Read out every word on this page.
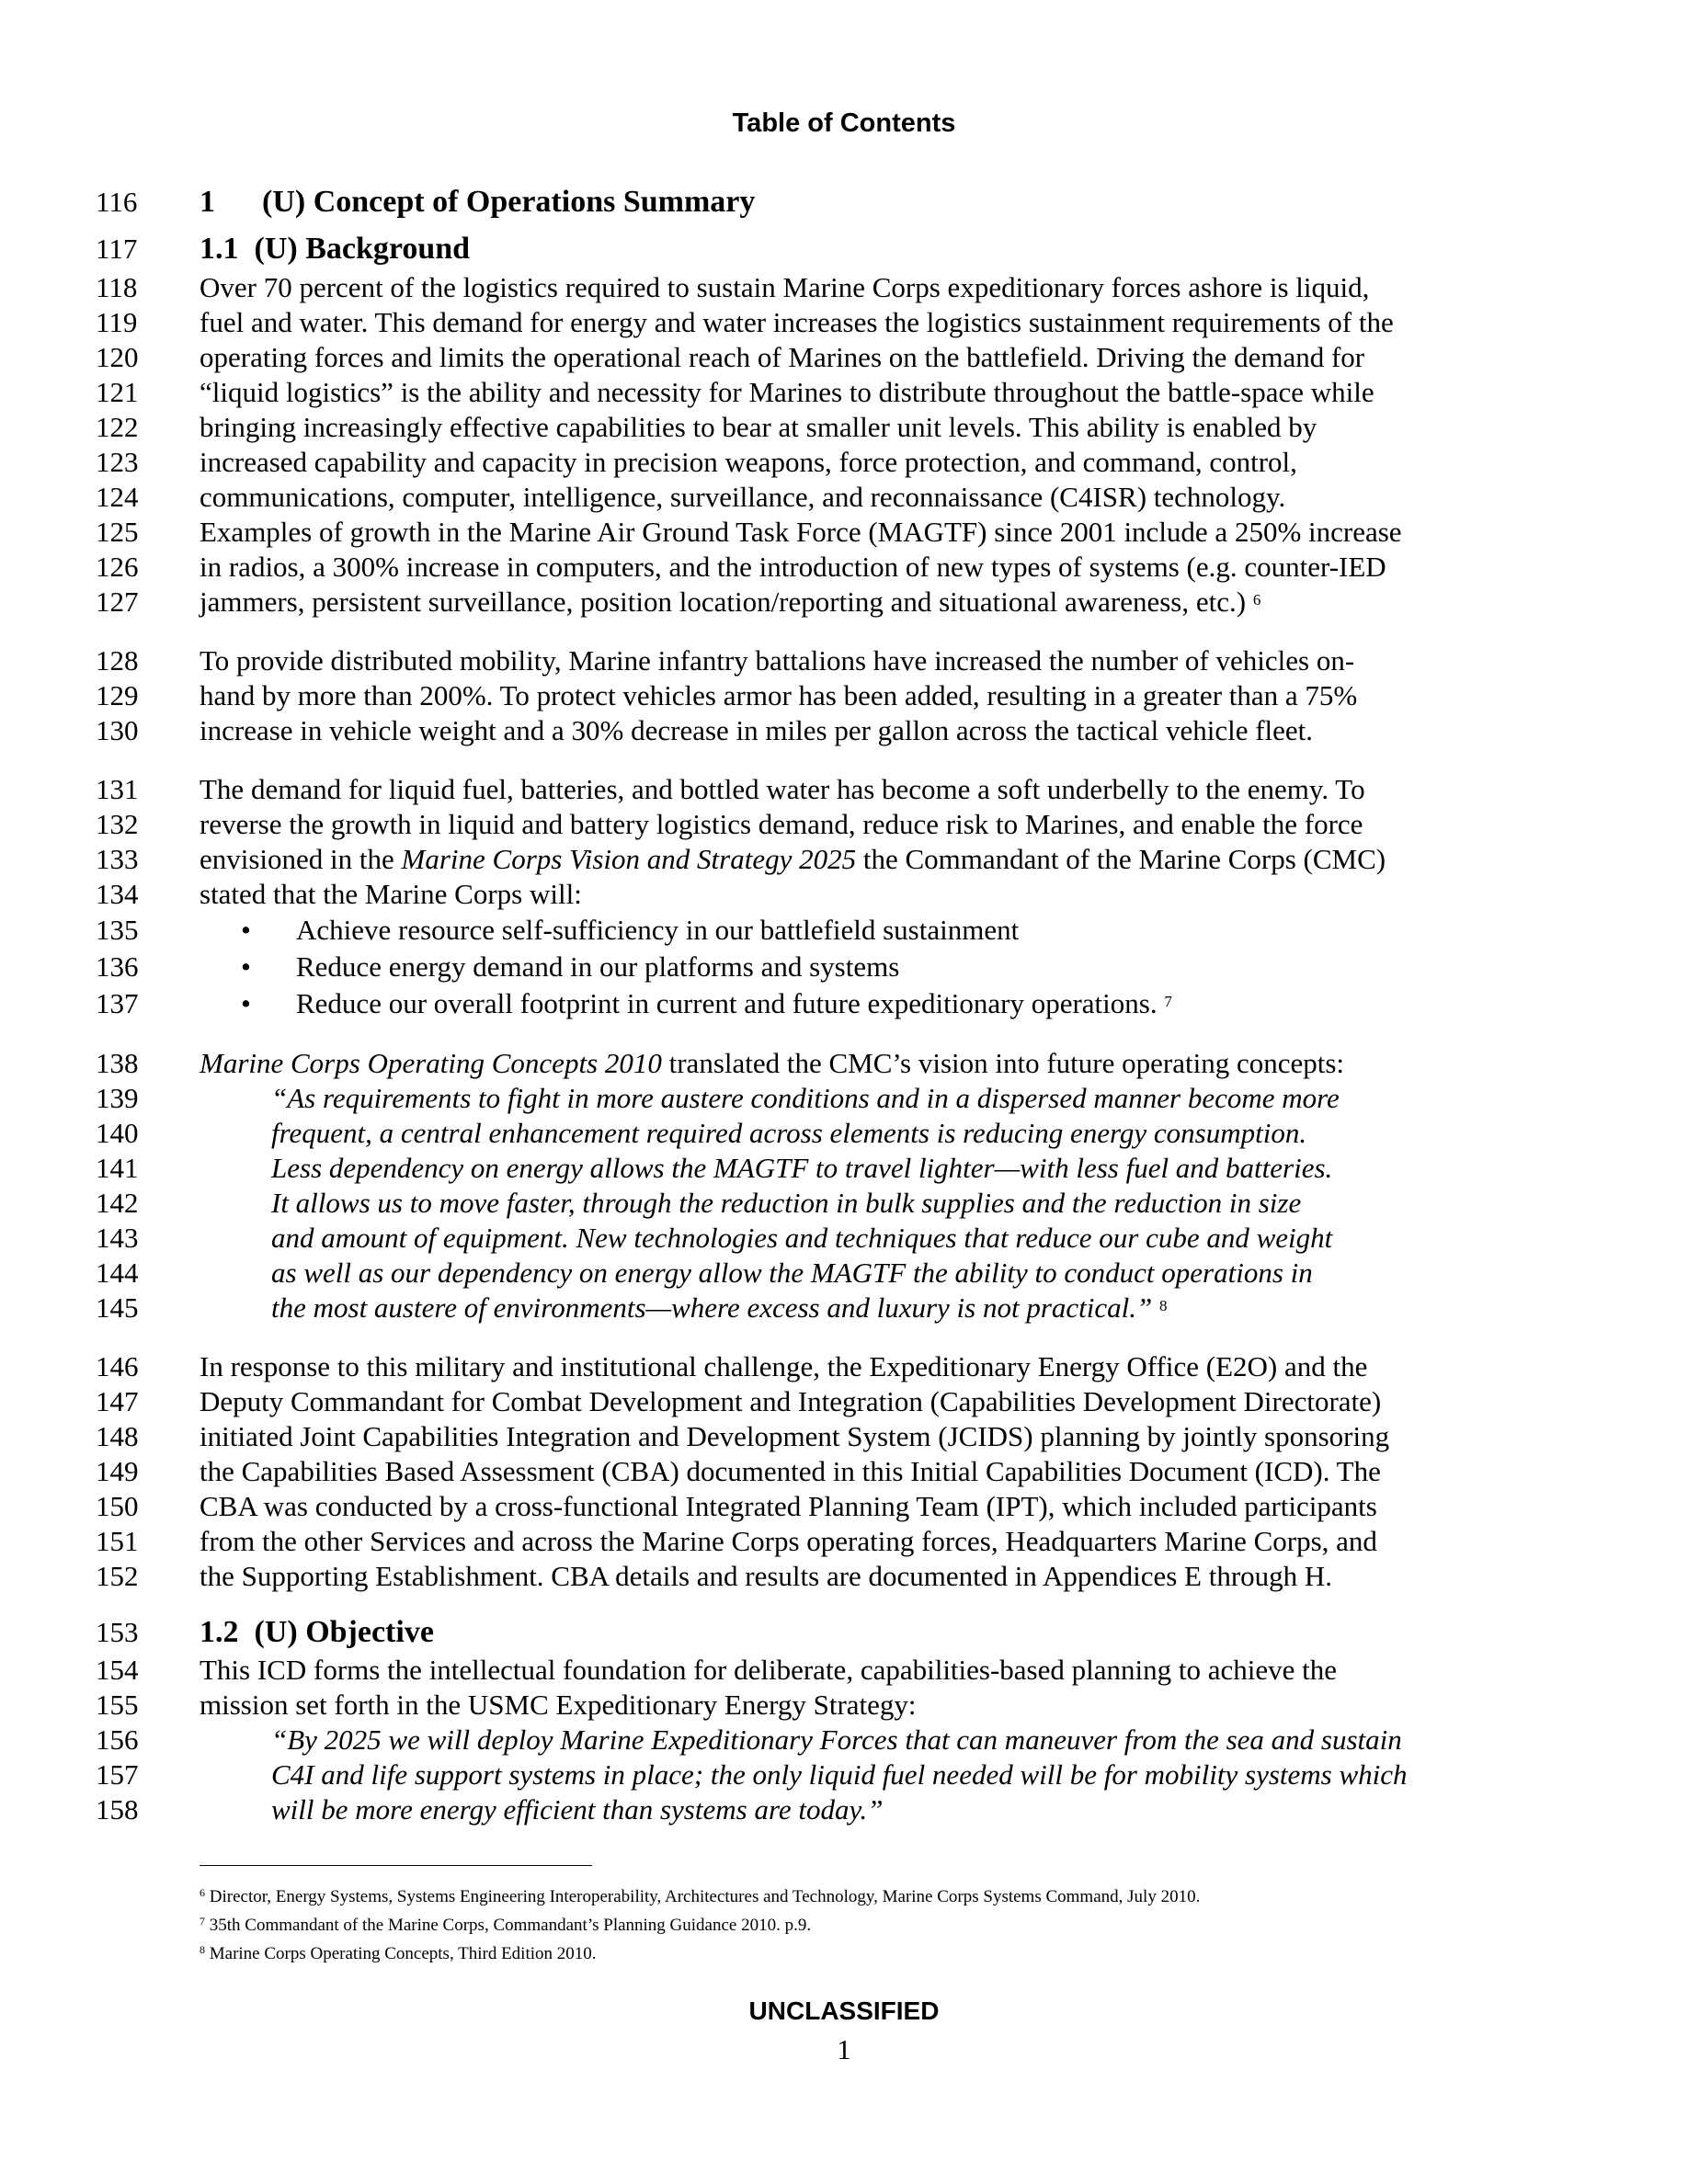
Table of Contents
116	1  (U) Concept of Operations Summary
117	1.1 (U) Background
118	Over 70 percent of the logistics required to sustain Marine Corps expeditionary forces ashore is liquid,
119	fuel and water. This demand for energy and water increases the logistics sustainment requirements of the
120	operating forces and limits the operational reach of Marines on the battlefield. Driving the demand for
121	“liquid logistics” is the ability and necessity for Marines to distribute throughout the battle-space while
122	bringing increasingly effective capabilities to bear at smaller unit levels. This ability is enabled by
123	increased capability and capacity in precision weapons, force protection, and command, control,
124	communications, computer, intelligence, surveillance, and reconnaissance (C4ISR) technology.
125	Examples of growth in the Marine Air Ground Task Force (MAGTF) since 2001 include a 250% increase
126	in radios, a 300% increase in computers, and the introduction of new types of systems (e.g. counter-IED
127	jammers, persistent surveillance, position location/reporting and situational awareness, etc.) $^6$
128	To provide distributed mobility, Marine infantry battalions have increased the number of vehicles on-
129	hand by more than 200%. To protect vehicles armor has been added, resulting in a greater than a 75%
130	increase in vehicle weight and a 30% decrease in miles per gallon across the tactical vehicle fleet.
131	The demand for liquid fuel, batteries, and bottled water has become a soft underbelly to the enemy. To
132	reverse the growth in liquid and battery logistics demand, reduce risk to Marines, and enable the force
133	envisioned in the Marine Corps Vision and Strategy 2025 the Commandant of the Marine Corps (CMC)
134	stated that the Marine Corps will:
135	• Achieve resource self-sufficiency in our battlefield sustainment
136	• Reduce energy demand in our platforms and systems
137	• Reduce our overall footprint in current and future expeditionary operations. $^7$
138	Marine Corps Operating Concepts 2010 translated the CMC’s vision into future operating concepts:
139	“As requirements to fight in more austere conditions and in a dispersed manner become more
140	frequent, a central enhancement required across elements is reducing energy consumption.
141	Less dependency on energy allows the MAGTF to travel lighter—with less fuel and batteries.
142	It allows us to move faster, through the reduction in bulk supplies and the reduction in size
143	and amount of equipment. New technologies and techniques that reduce our cube and weight
144	as well as our dependency on energy allow the MAGTF the ability to conduct operations in
145	the most austere of environments—where excess and luxury is not practical.” $^8$
146	In response to this military and institutional challenge, the Expeditionary Energy Office (E2O) and the
147	Deputy Commandant for Combat Development and Integration (Capabilities Development Directorate)
148	initiated Joint Capabilities Integration and Development System (JCIDS) planning by jointly sponsoring
149	the Capabilities Based Assessment (CBA) documented in this Initial Capabilities Document (ICD). The
150	CBA was conducted by a cross-functional Integrated Planning Team (IPT), which included participants
151	from the other Services and across the Marine Corps operating forces, Headquarters Marine Corps, and
152	the Supporting Establishment. CBA details and results are documented in Appendices E through H.
153	1.2 (U) Objective
154	This ICD forms the intellectual foundation for deliberate, capabilities-based planning to achieve the
155	mission set forth in the USMC Expeditionary Energy Strategy:
156	“By 2025 we will deploy Marine Expeditionary Forces that can maneuver from the sea and sustain
157	C4I and life support systems in place; the only liquid fuel needed will be for mobility systems which
158	will be more energy efficient than systems are today.”
$^6$ Director, Energy Systems, Systems Engineering Interoperability, Architectures and Technology, Marine Corps Systems Command, July 2010.
$^7$ 35th Commandant of the Marine Corps, Commandant’s Planning Guidance 2010. p.9.
$^8$ Marine Corps Operating Concepts, Third Edition 2010.
UNCLASSIFIED
1
